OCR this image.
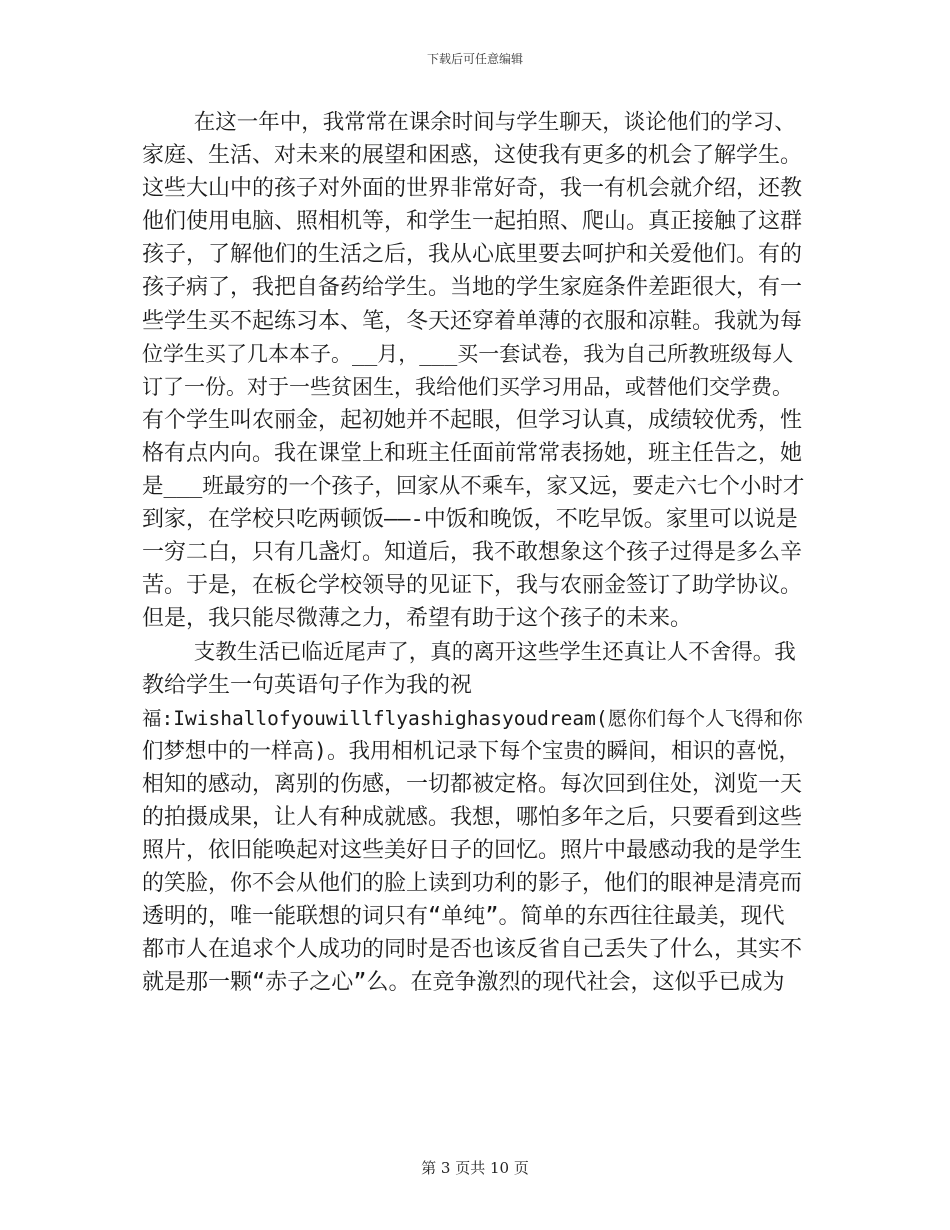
下载后可任意编辑
在这一年中，我常常在课余时间与学生聊天，谈论他们的学习、
家庭、生活、对未来的展望和困惑，这使我有更多的机会了解学生。
这些大山中的孩子对外面的世界非常好奇，我一有机会就介绍，还教
他们使用电脑、照相机等，和学生一起拍照、爬山。真正接触了这群
孩子，了解他们的生活之后，我从心底里要去呵护和关爱他们。有的
孩子病了，我把自备药给学生。当地的学生家庭条件差距很大，有一
些学生买不起练习本、笔，冬天还穿着单薄的衣服和凉鞋。我就为每
位学生买了几本本子。__月，___买一套试卷，我为自己所教班级每人
订了一份。对于一些贫困生，我给他们买学习用品，或替他们交学费。
有个学生叫农丽金，起初她并不起眼，但学习认真，成绩较优秀，性
格有点内向。我在课堂上和班主任面前常常表扬她，班主任告之，她
是___班最穷的一个孩子，回家从不乘车，家又远，要走六七个小时才
到家，在学校只吃两顿饭——-中饭和晚饭，不吃早饭。家里可以说是
一穷二白，只有几盏灯。知道后，我不敢想象这个孩子过得是多么辛
苦。于是，在板仑学校领导的见证下，我与农丽金签订了助学协议。
但是，我只能尽微薄之力，希望有助于这个孩子的未来。
支教生活已临近尾声了，真的离开这些学生还真让人不舍得。我
教给学生一句英语句子作为我的祝
福:Iwishallofyouwillflyashighasyoudream(愿你们每个人飞得和你
们梦想中的一样高)。我用相机记录下每个宝贵的瞬间，相识的喜悦，
相知的感动，离别的伤感，一切都被定格。每次回到住处，浏览一天
的拍摄成果，让人有种成就感。我想，哪怕多年之后，只要看到这些
照片，依旧能唤起对这些美好日子的回忆。照片中最感动我的是学生
的笑脸，你不会从他们的脸上读到功利的影子，他们的眼神是清亮而
透明的，唯一能联想的词只有“单纯”。简单的东西往往最美，现代
都市人在追求个人成功的同时是否也该反省自己丢失了什么，其实不
就是那一颗“赤子之心”么。在竞争激烈的现代社会，这似乎已成为
第 3 页共 10 页
